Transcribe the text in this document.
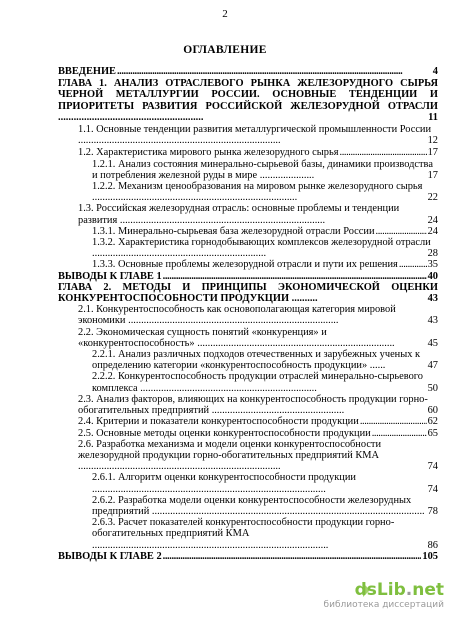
2
ОГЛАВЛЕНИЕ
ВВЕДЕНИЕ . . .	4
ГЛАВА 1. АНАЛИЗ ОТРАСЛЕВОГО РЫНКА ЖЕЛЕЗОРУДНОГО СЫРЬЯ ЧЕРНОЙ МЕТАЛЛУРГИИ РОССИИ. ОСНОВНЫЕ ТЕНДЕНЦИИ И ПРИОРИТЕТЫ РАЗВИТИЯ РОССИЙСКОЙ ЖЕЛЕЗОРУДНОЙ ОТРАСЛИ ........................................................	11
1.1. Основные тенденции развития металлургической промышленности России ..............................................................................	12
1.2. Характеристика мирового рынка железорудного сырья . . .	17
1.2.1. Анализ состояния минерально-сырьевой базы, динамики производства и потребления железной руды в мире .....................	17
1.2.2. Механизм ценообразования на мировом рынке железорудного сырья ...............................................................................	22
1.3. Российская железорудная отрасль: основные проблемы и тенденции развития ...............................................................................	24
1.3.1. Минерально-сырьевая база железорудной отрасли России . . .	24
1.3.2. Характеристика горнодобывающих комплексов железорудной отрасли ...................................................................	28
1.3.3. Основные проблемы железорудной отрасли и пути их решения . . .	35
ВЫВОДЫ К ГЛАВЕ 1 . . .	40
ГЛАВА 2. МЕТОДЫ И ПРИНЦИПЫ ЭКОНОМИЧЕСКОЙ ОЦЕНКИ КОНКУРЕНТОСПОСОБНОСТИ ПРОДУКЦИИ ..........	43
2.1. Конкурентоспособность как основополагающая категория мировой экономики .................................................................................	43
2.2. Экономическая сущность понятий «конкуренция» и «конкурентоспособность» ............................................................................	45
2.2.1. Анализ различных подходов отечественных и зарубежных ученых к определению категории «конкурентоспособность продукции» ......	47
2.2.2. Конкурентоспособность продукции отраслей минерально-сырьевого комплекса ....................................................................	50
2.3. Анализ факторов, влияющих на конкурентоспособность продукции горно-обогатительных предприятий ...................................................	60
2.4. Критерии и показатели конкурентоспособности продукции . . .	62
2.5. Основные методы оценки конкурентоспособности продукции . . .	65
2.6. Разработка механизма и модели оценки конкурентоспособности железорудной продукции горно-обогатительных предприятий КМА ..............................................................................	74
2.6.1. Алгоритм оценки конкурентоспособности продукции ..........................................................................................	74
2.6.2. Разработка модели оценки конкурентоспособности железорудных предприятий ......................................................................................................... 78
2.6.3. Расчет показателей конкурентоспособности продукции горно-обогатительных предприятий КМА ...........................................................................................	86
ВЫВОДЫ К ГЛАВЕ 2 . . .	105
dsLib.net
библиотека диссертаций
